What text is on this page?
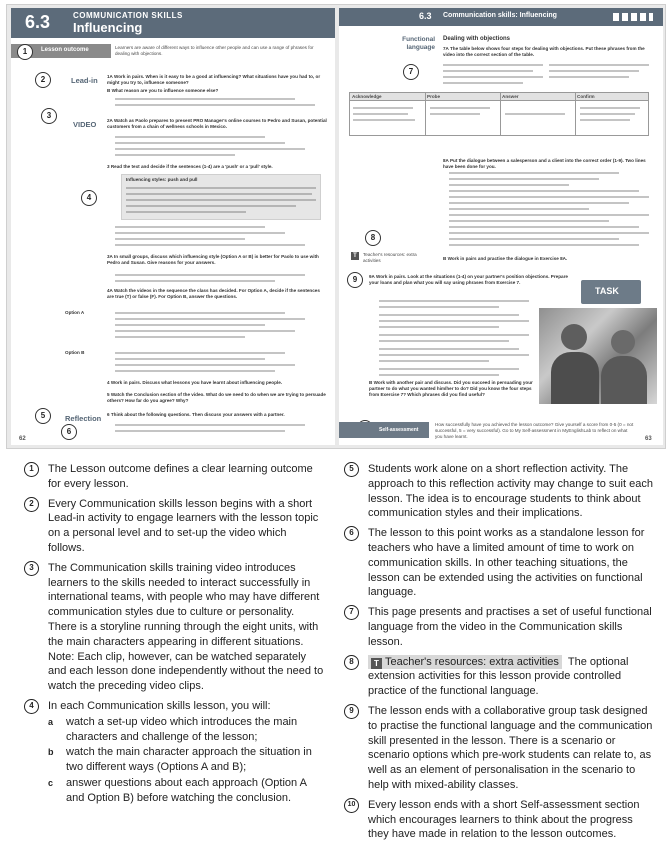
6.3	COMMUNICATION SKILLS
Influencing
Lesson outcome	Learners are aware of different ways to influence other people and can use a range of phrases for dealing with objections.
1
2	Lead-in 1A Work in pairs. When is it easy to be a good at influencing? What situations have you had to, or might you try to, influence someone?
B What reason are you to influence someone else?
3
VIDEO 2A Watch as Paolo prepares to present PRO Manager's online courses to Pedro and Susan, potential customers from a chain of wellness schools in Mexico.
3 Read the text and decide if the sentences (1-4) are a 'push' or a 'pull' style.
Influencing styles: push and pull
4
3A In small groups, discuss which influencing style (Option A or B) is better for Paolo to use with Pedro and Susan. Give reasons for your answers.
4A Watch the videos in the sequence the class has decided. For Option A, decide if the sentences are true (T) or false (F). For Option B, answer the questions.
Option A
Option B
4 Work in pairs. Discuss what lessons you have learnt about influencing people.
5 Watch the Conclusion section of the video. What do we need to do when we are trying to persuade others? How far do you agree? Why?
5	Reflection 6 Think about the following questions. Then discuss your answers with a partner.
6
62
6.3 Communication skills: Influencing
Functional language
Dealing with objections
7A The table below shows four steps for dealing with objections. Put these phrases from the video into the correct section of the table.
7
Acknowledge	Probe	Answer	Confirm
8A Put the dialogue between a salesperson and a client into the correct order (1-9). Two lines have been done for you.
8
T	Teacher's resources: extra activities	B Work in pairs and practise the dialogue in Exercise 8A.
9	9A Work in pairs. Look at the situations (1-4) on your partner's position objections. Prepare your loans and plan what you will say using phrases from Exercise 7.
TASK
B Work with another pair and discuss. Did you succeed in persuading your partner to do what you wanted him/her to do? Did you know the four steps from Exercise 7? Which phrases did you find useful?
Self-assessment
How successfully have you achieved the lesson outcome? Give yourself a score from 0-5 (0 = not successful, 5 = very successful). Go to My Self-assessment in MyEnglishLab to reflect on what you have learnt.	63
1	The Lesson outcome defines a clear learning outcome for every lesson.
2	Every Communication skills lesson begins with a short Lead-in activity to engage learners with the lesson topic on a personal level and to set-up the video which follows.
3	The Communication skills training video introduces learners to the skills needed to interact successfully in international teams, with people who may have different communication styles due to culture or personality. There is a storyline running through the eight units, with the main characters appearing in different situations. Note: Each clip, however, can be watched separately and each lesson done independently without the need to watch the preceding video clips.
4	In each Communication skills lesson, you will:
a watch a set-up video which introduces the main characters and challenge of the lesson;
b watch the main character approach the situation in two different ways (Options A and B);
c answer questions about each approach (Option A and Option B) before watching the conclusion.
5	Students work alone on a short reflection activity. The approach to this reflection activity may change to suit each lesson. The idea is to encourage students to think about communication styles and their implications.
6	The lesson to this point works as a standalone lesson for teachers who have a limited amount of time to work on communication skills. In other teaching situations, the lesson can be extended using the activities on functional language.
7	This page presents and practises a set of useful functional language from the video in the Communication skills lesson.
8	T Teacher's resources: extra activities The optional extension activities for this lesson provide controlled practice of the functional language.
9	The lesson ends with a collaborative group task designed to practise the functional language and the communication skill presented in the lesson. There is a scenario or scenario options which pre-work students can relate to, as well as an element of personalisation in the scenario to help with mixed-ability classes.
10	Every lesson ends with a short Self-assessment section which encourages learners to think about the progress they have made in relation to the lesson outcomes.
